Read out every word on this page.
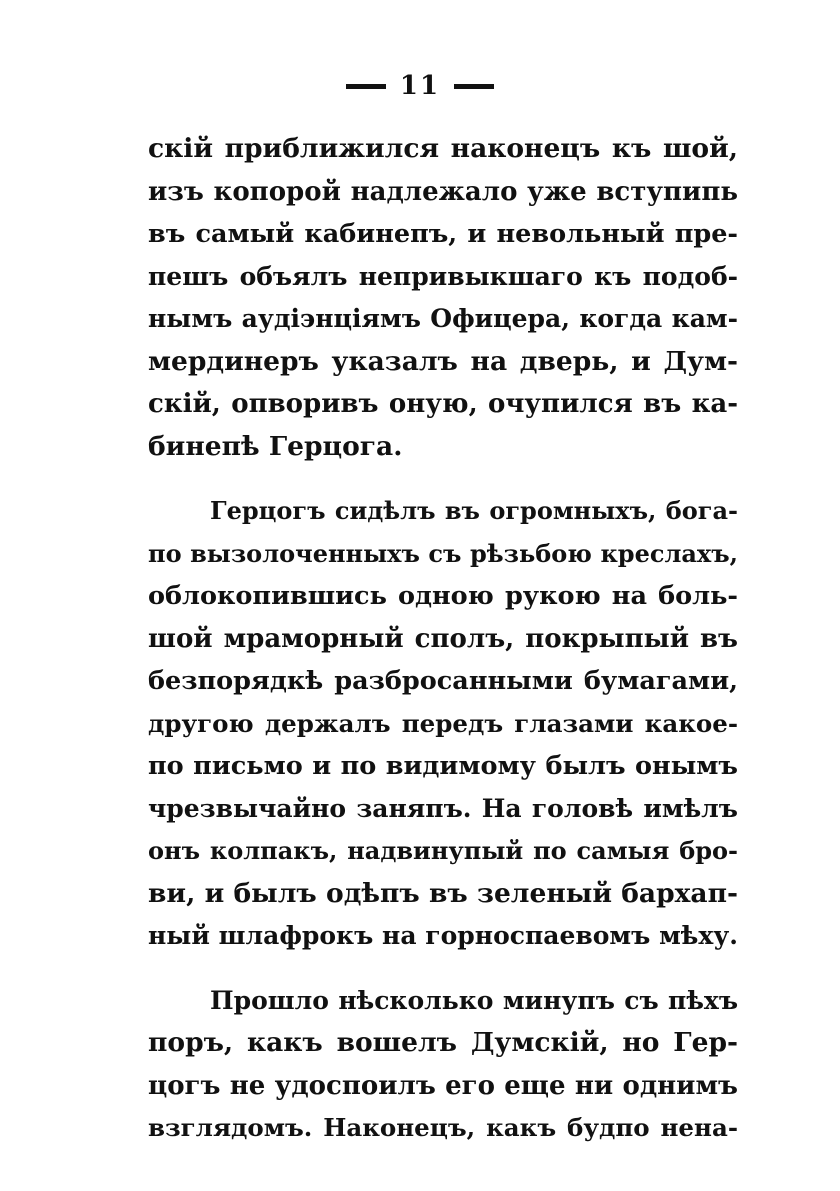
11
скій приближился наконецъ къ шой,
изъ копорой надлежало уже вступипь
въ самый кабинепъ, и невольный пре-
пешъ объялъ непривыкшаго къ подоб-
нымъ аудіэнціямъ Офицера, когда кам-
мердинеръ указалъ на дверь, и Дум-
скій, опворивъ оную, очупился въ ка-
бинепѣ Герцога.
Герцогъ сидѣлъ въ огромныхъ, бога-
по вызолоченныхъ съ рѣзьбою креслахъ,
облокопившись одною рукою на боль-
шой мраморный сполъ, покрыпый въ
безпорядкѣ разбросанными бумагами,
другою держалъ передъ глазами какое-
по письмо и по видимому былъ онымъ
чрезвычайно заняпъ. На головѣ имѣлъ
онъ колпакъ, надвинупый по самыя бро-
ви, и былъ одѣпъ въ зеленый бархап-
ный шлафрокъ на горноспаевомъ мѣху.
Прошло нѣсколько минупъ съ пѣхъ
поръ, какъ вошелъ Думскій, но Гер-
цогъ не удоспоилъ его еще ни однимъ
взглядомъ. Наконецъ, какъ будпо нена-
